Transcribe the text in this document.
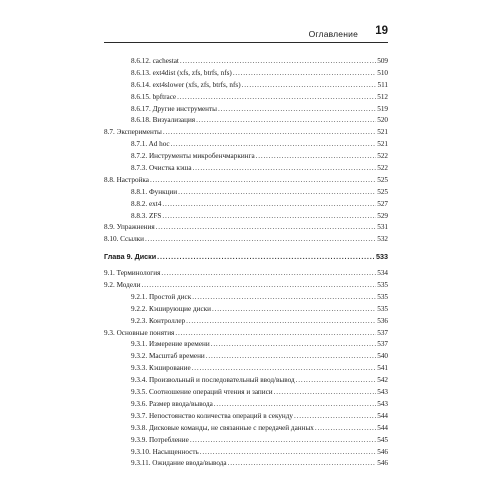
Оглавление 19
8.6.12. cachestat .....	509
8.6.13. ext4dist (xfs, zfs, btrfs, nfs) .....	510
8.6.14. ext4slower (xfs, zfs, btrfs, nfs) .....	511
8.6.15. bpftrace .....	512
8.6.17. Другие инструменты .....	519
8.6.18. Визуализация .....	520
8.7. Эксперименты .....	521
8.7.1. Ad hoc .....	521
8.7.2. Инструменты микробенчмаркинга .....	522
8.7.3. Очистка кэша .....	522
8.8. Настройка .....	525
8.8.1. Функции .....	525
8.8.2. ext4 .....	527
8.8.3. ZFS .....	529
8.9. Упражнения .....	531
8.10. Ссылки .....	532
Глава 9. Диски .....	533
9.1. Терминология .....	534
9.2. Модели .....	535
9.2.1. Простой диск .....	535
9.2.2. Кэширующие диски .....	535
9.2.3. Контроллер .....	536
9.3. Основные понятия .....	537
9.3.1. Измерение времени .....	537
9.3.2. Масштаб времени .....	540
9.3.3. Кэширование .....	541
9.3.4. Произвольный и последовательный ввод/вывод .....	542
9.3.5. Соотношение операций чтения и записи .....	543
9.3.6. Размер ввода/вывода .....	543
9.3.7. Непостоянство количества операций в секунду .....	544
9.3.8. Дисковые команды, не связанные с передачей данных .....	544
9.3.9. Потребление .....	545
9.3.10. Насыщенность .....	546
9.3.11. Ожидание ввода/вывода .....	546
